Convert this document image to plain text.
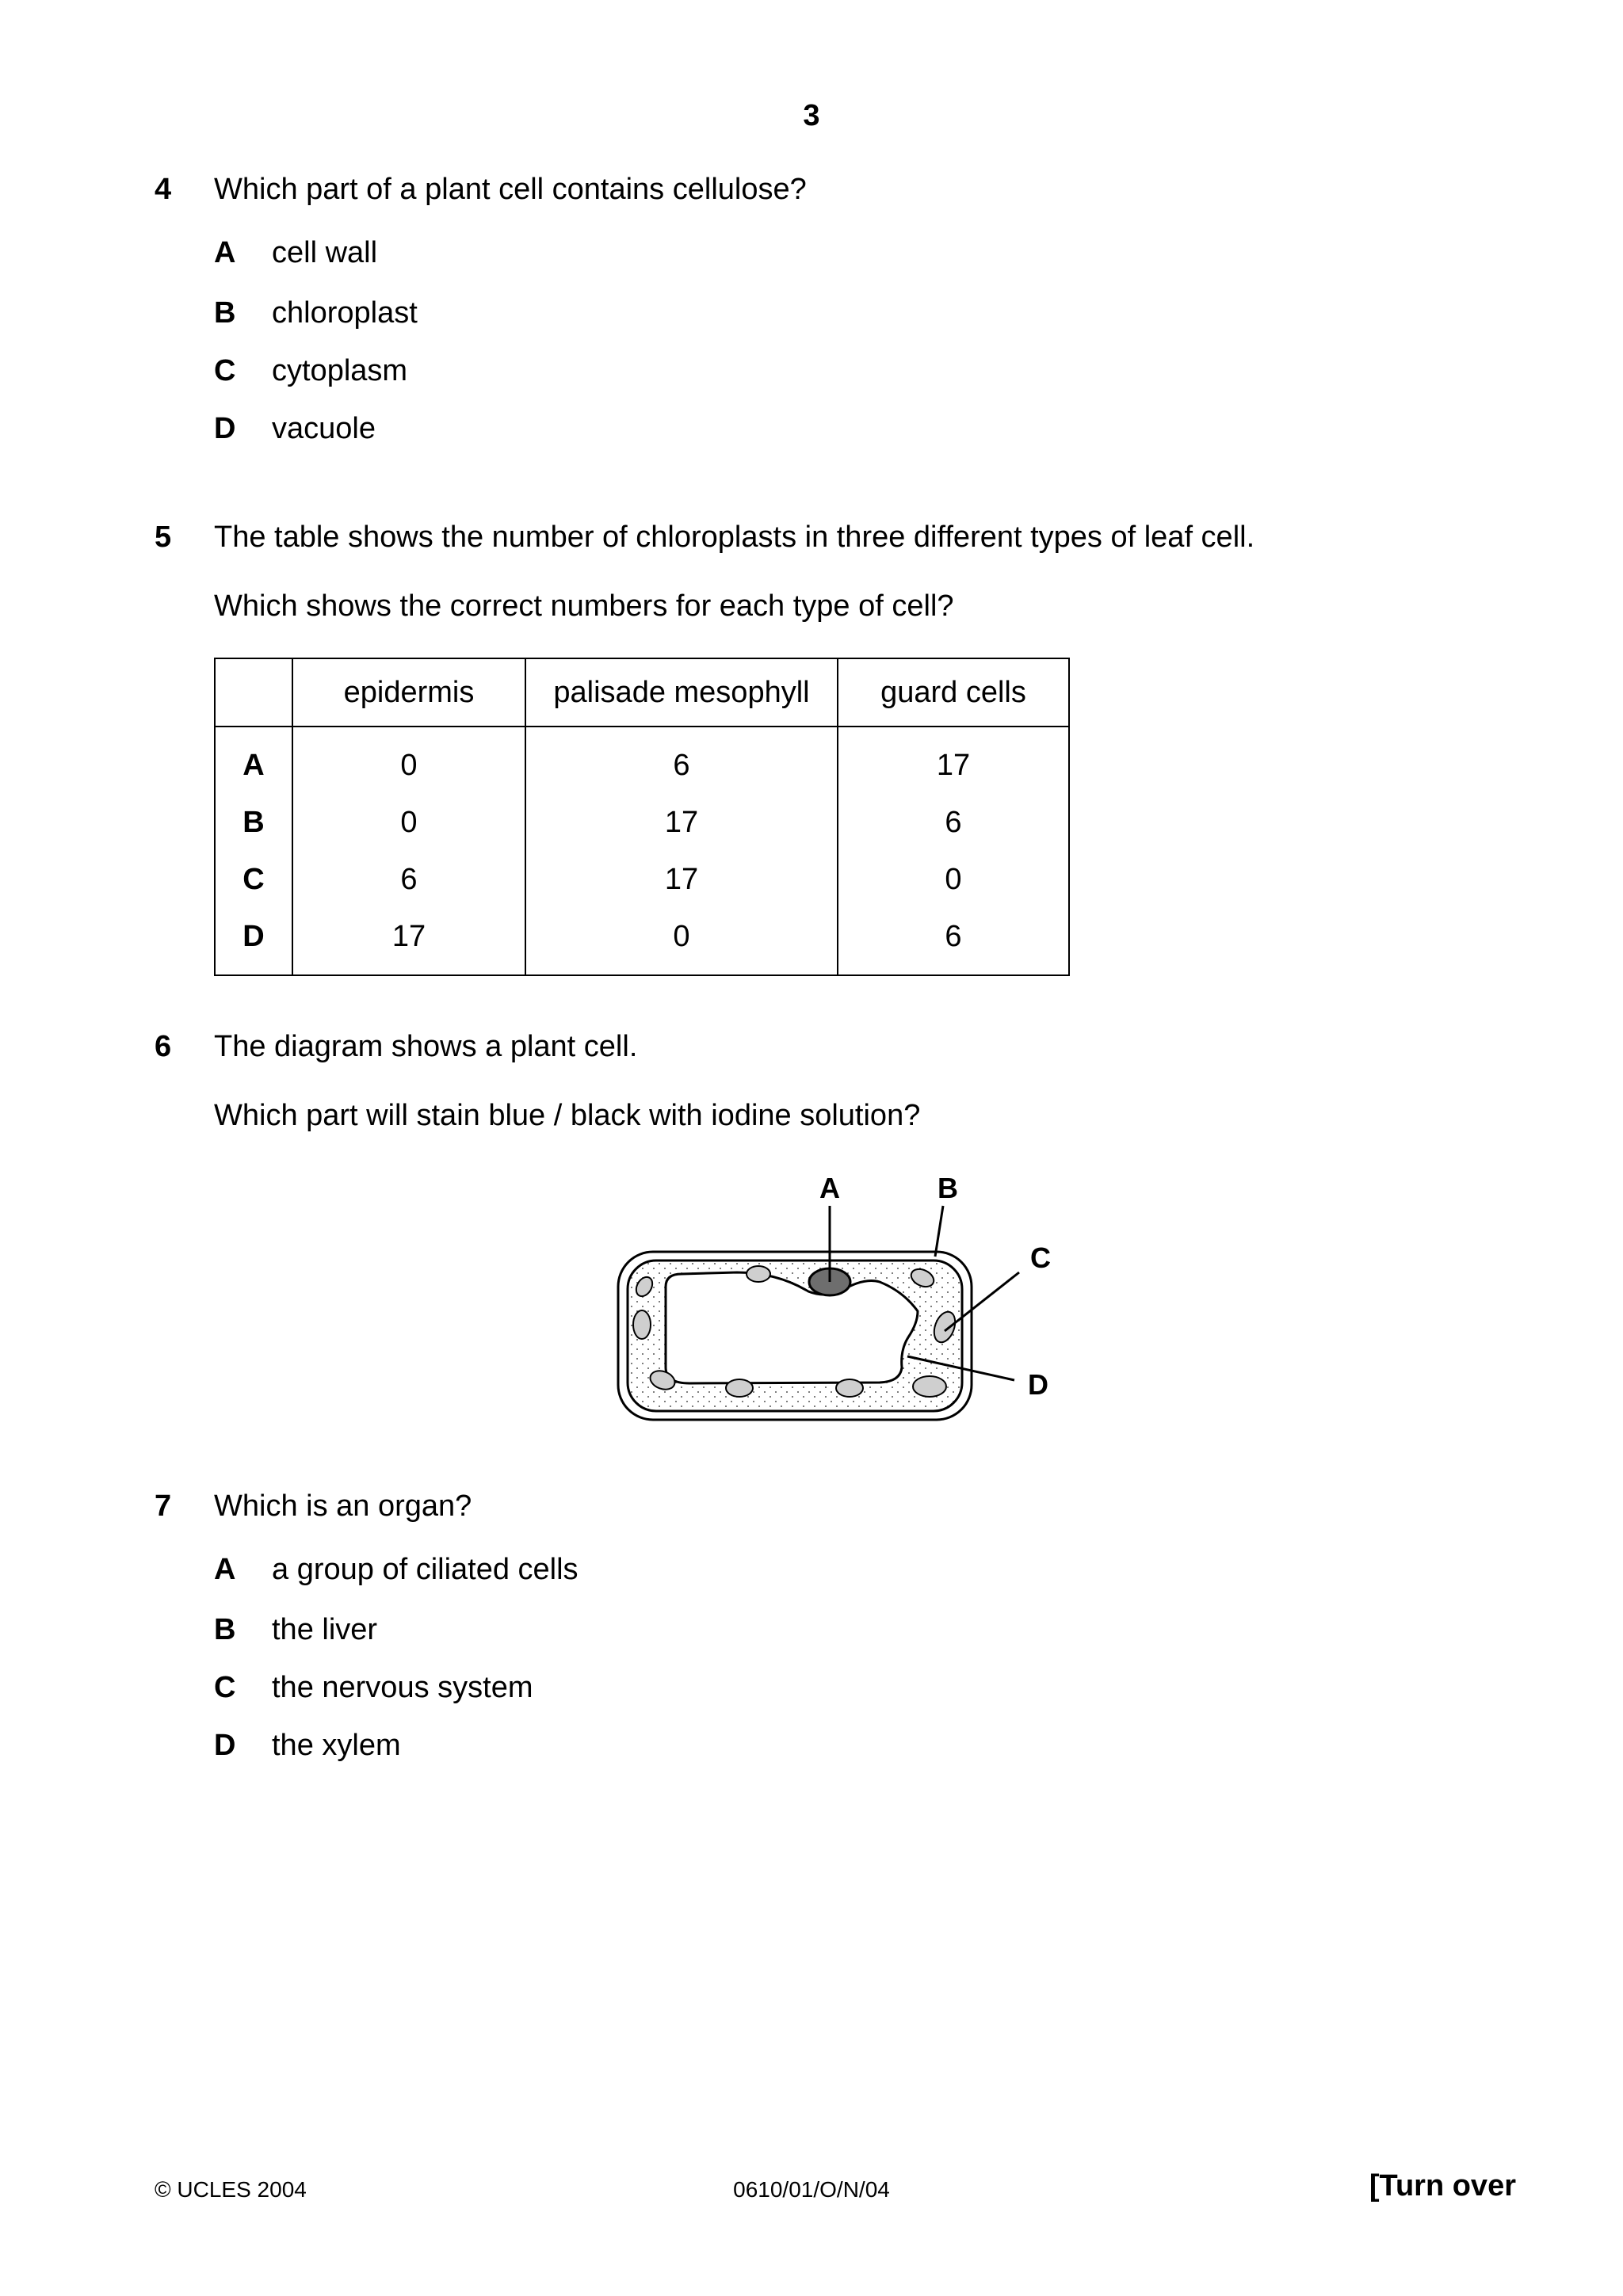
3
4 Which part of a plant cell contains cellulose?
A cell wall
B chloroplast
C cytoplasm
D vacuole
5 The table shows the number of chloroplasts in three different types of leaf cell.
Which shows the correct numbers for each type of cell?
	epidermis	palisade mesophyll	guard cells
A	0	6	17
B	0	17	6
C	6	17	0
D	17	0	6
6 The diagram shows a plant cell.
Which part will stain blue / black with iodine solution?
A	B
C
D
7 Which is an organ?
A a group of ciliated cells
B the liver
C the nervous system
D the xylem
© UCLES 2004	0610/01/O/N/04	[Turn over
